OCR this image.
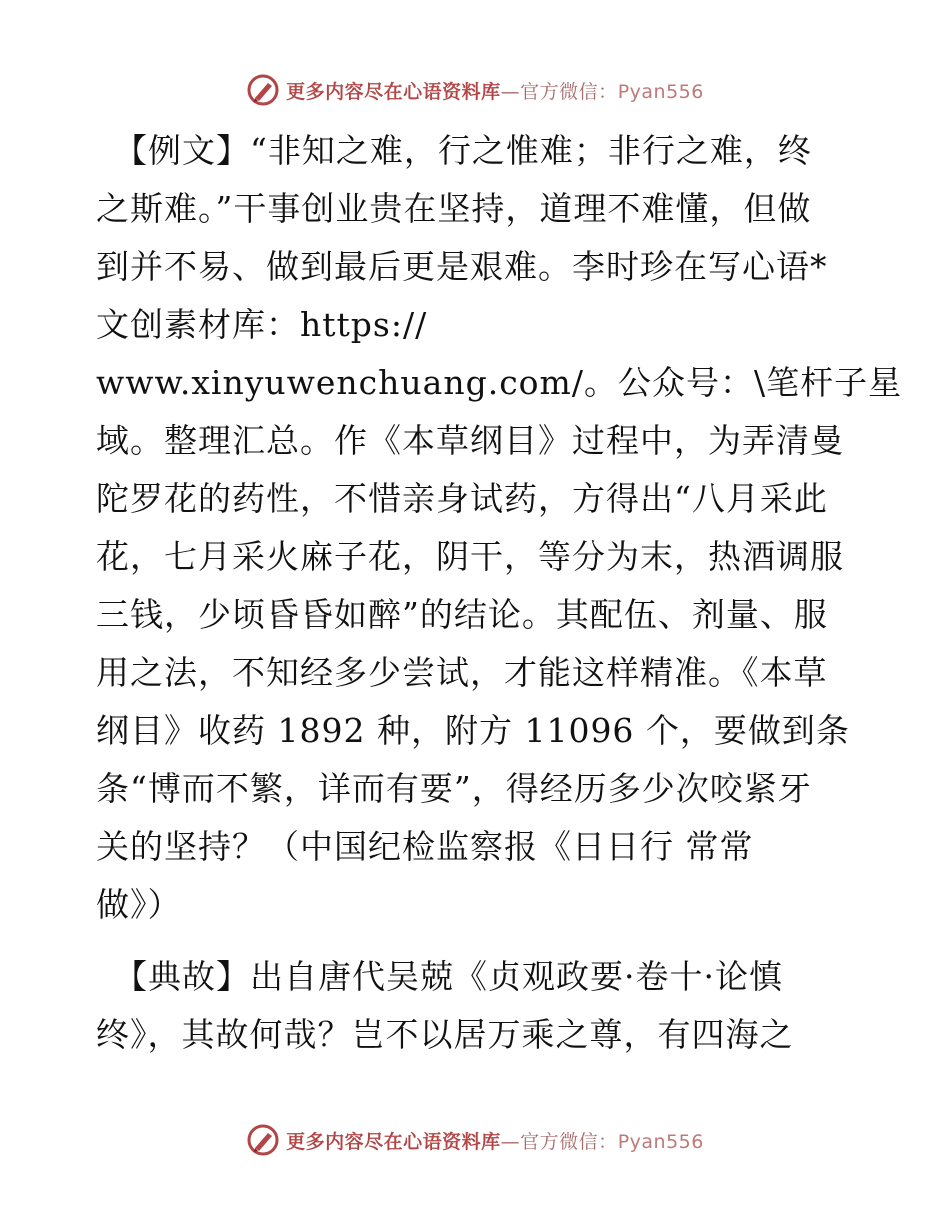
更多内容尽在心语资料库—官方微信：Pyan556
【例文】“非知之难，行之惟难；非行之难，终
之斯难。”干事创业贵在坚持，道理不难懂，但做
到并不易、做到最后更是艰难。李时珍在写心语*
文创素材库：https://
www.xinyuwenchuang.com/。公众号：\笔杆子星
域。整理汇总。作《本草纲目》过程中，为弄清曼
陀罗花的药性，不惜亲身试药，方得出“八月采此
花，七月采火麻子花，阴干，等分为末，热酒调服
三钱，少顷昏昏如醉”的结论。其配伍、剂量、服
用之法，不知经多少尝试，才能这样精准。《本草
纲目》收药 1892 种，附方 11096 个，要做到条
条“博而不繁，详而有要”，得经历多少次咬紧牙
关的坚持？（中国纪检监察报《日日行 常常
做》）
【典故】出自唐代吴兢《贞观政要·卷十·论慎
终》，其故何哉？岂不以居万乘之尊，有四海之
更多内容尽在心语资料库—官方微信：Pyan556
